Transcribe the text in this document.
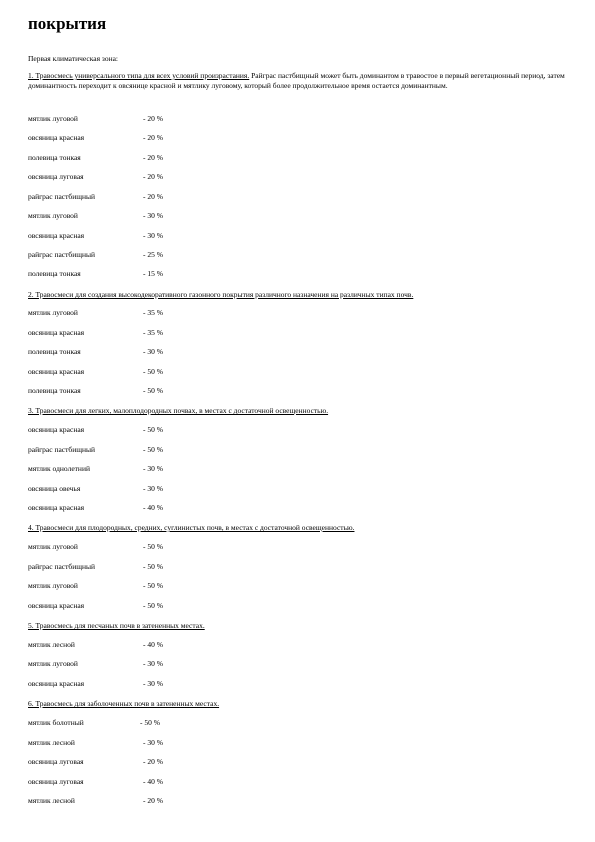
покрытия
Первая климатическая зона:
1. Травосмесь универсального типа для всех условий произрастания. Райграс пастбищный может быть доминантом в травостое в первый вегетационный период, затем доминантность переходит к овсянице красной и мятлику луговому, который более продолжительное время остается доминантным.
мятлик луговой	- 20 %
овсяница красная	- 20 %
полевица тонкая	- 20 %
овсяница луговая	- 20 %
райграс пастбищный	- 20 %
мятлик луговой	- 30 %
овсяница красная	- 30 %
райграс пастбищный	- 25 %
полевица тонкая	- 15 %
2. Травосмеси для создания высокодекоративного газонного покрытия различного назначения на различных типах почв.
мятлик луговой	- 35 %
овсяница красная	- 35 %
полевица тонкая	- 30 %
овсяница красная	- 50 %
полевица тонкая	- 50 %
3. Травосмеси для легких, малоплодородных почвах, в местах с достаточной освещенностью.
овсяница красная	- 50 %
райграс пастбищный	- 50 %
мятлик однолетний	- 30 %
овсяница овечья	- 30 %
овсяница красная	- 40 %
4. Травосмеси для плодородных, средних, суглинистых почв, в местах с достаточной освещенностью.
мятлик луговой	- 50 %
райграс пастбищный	- 50 %
мятлик луговой	- 50 %
овсяница красная	- 50 %
5. Травосмесь для песчаных почв в затененных местах.
мятлик лесной	- 40 %
мятлик луговой	- 30 %
овсяница красная	- 30 %
6. Травосмесь для заболоченных почв в затененных местах.
мятлик болотный	- 50 %
мятлик лесной	- 30 %
овсяница луговая	- 20 %
овсяница луговая	- 40 %
мятлик лесной	- 20 %
